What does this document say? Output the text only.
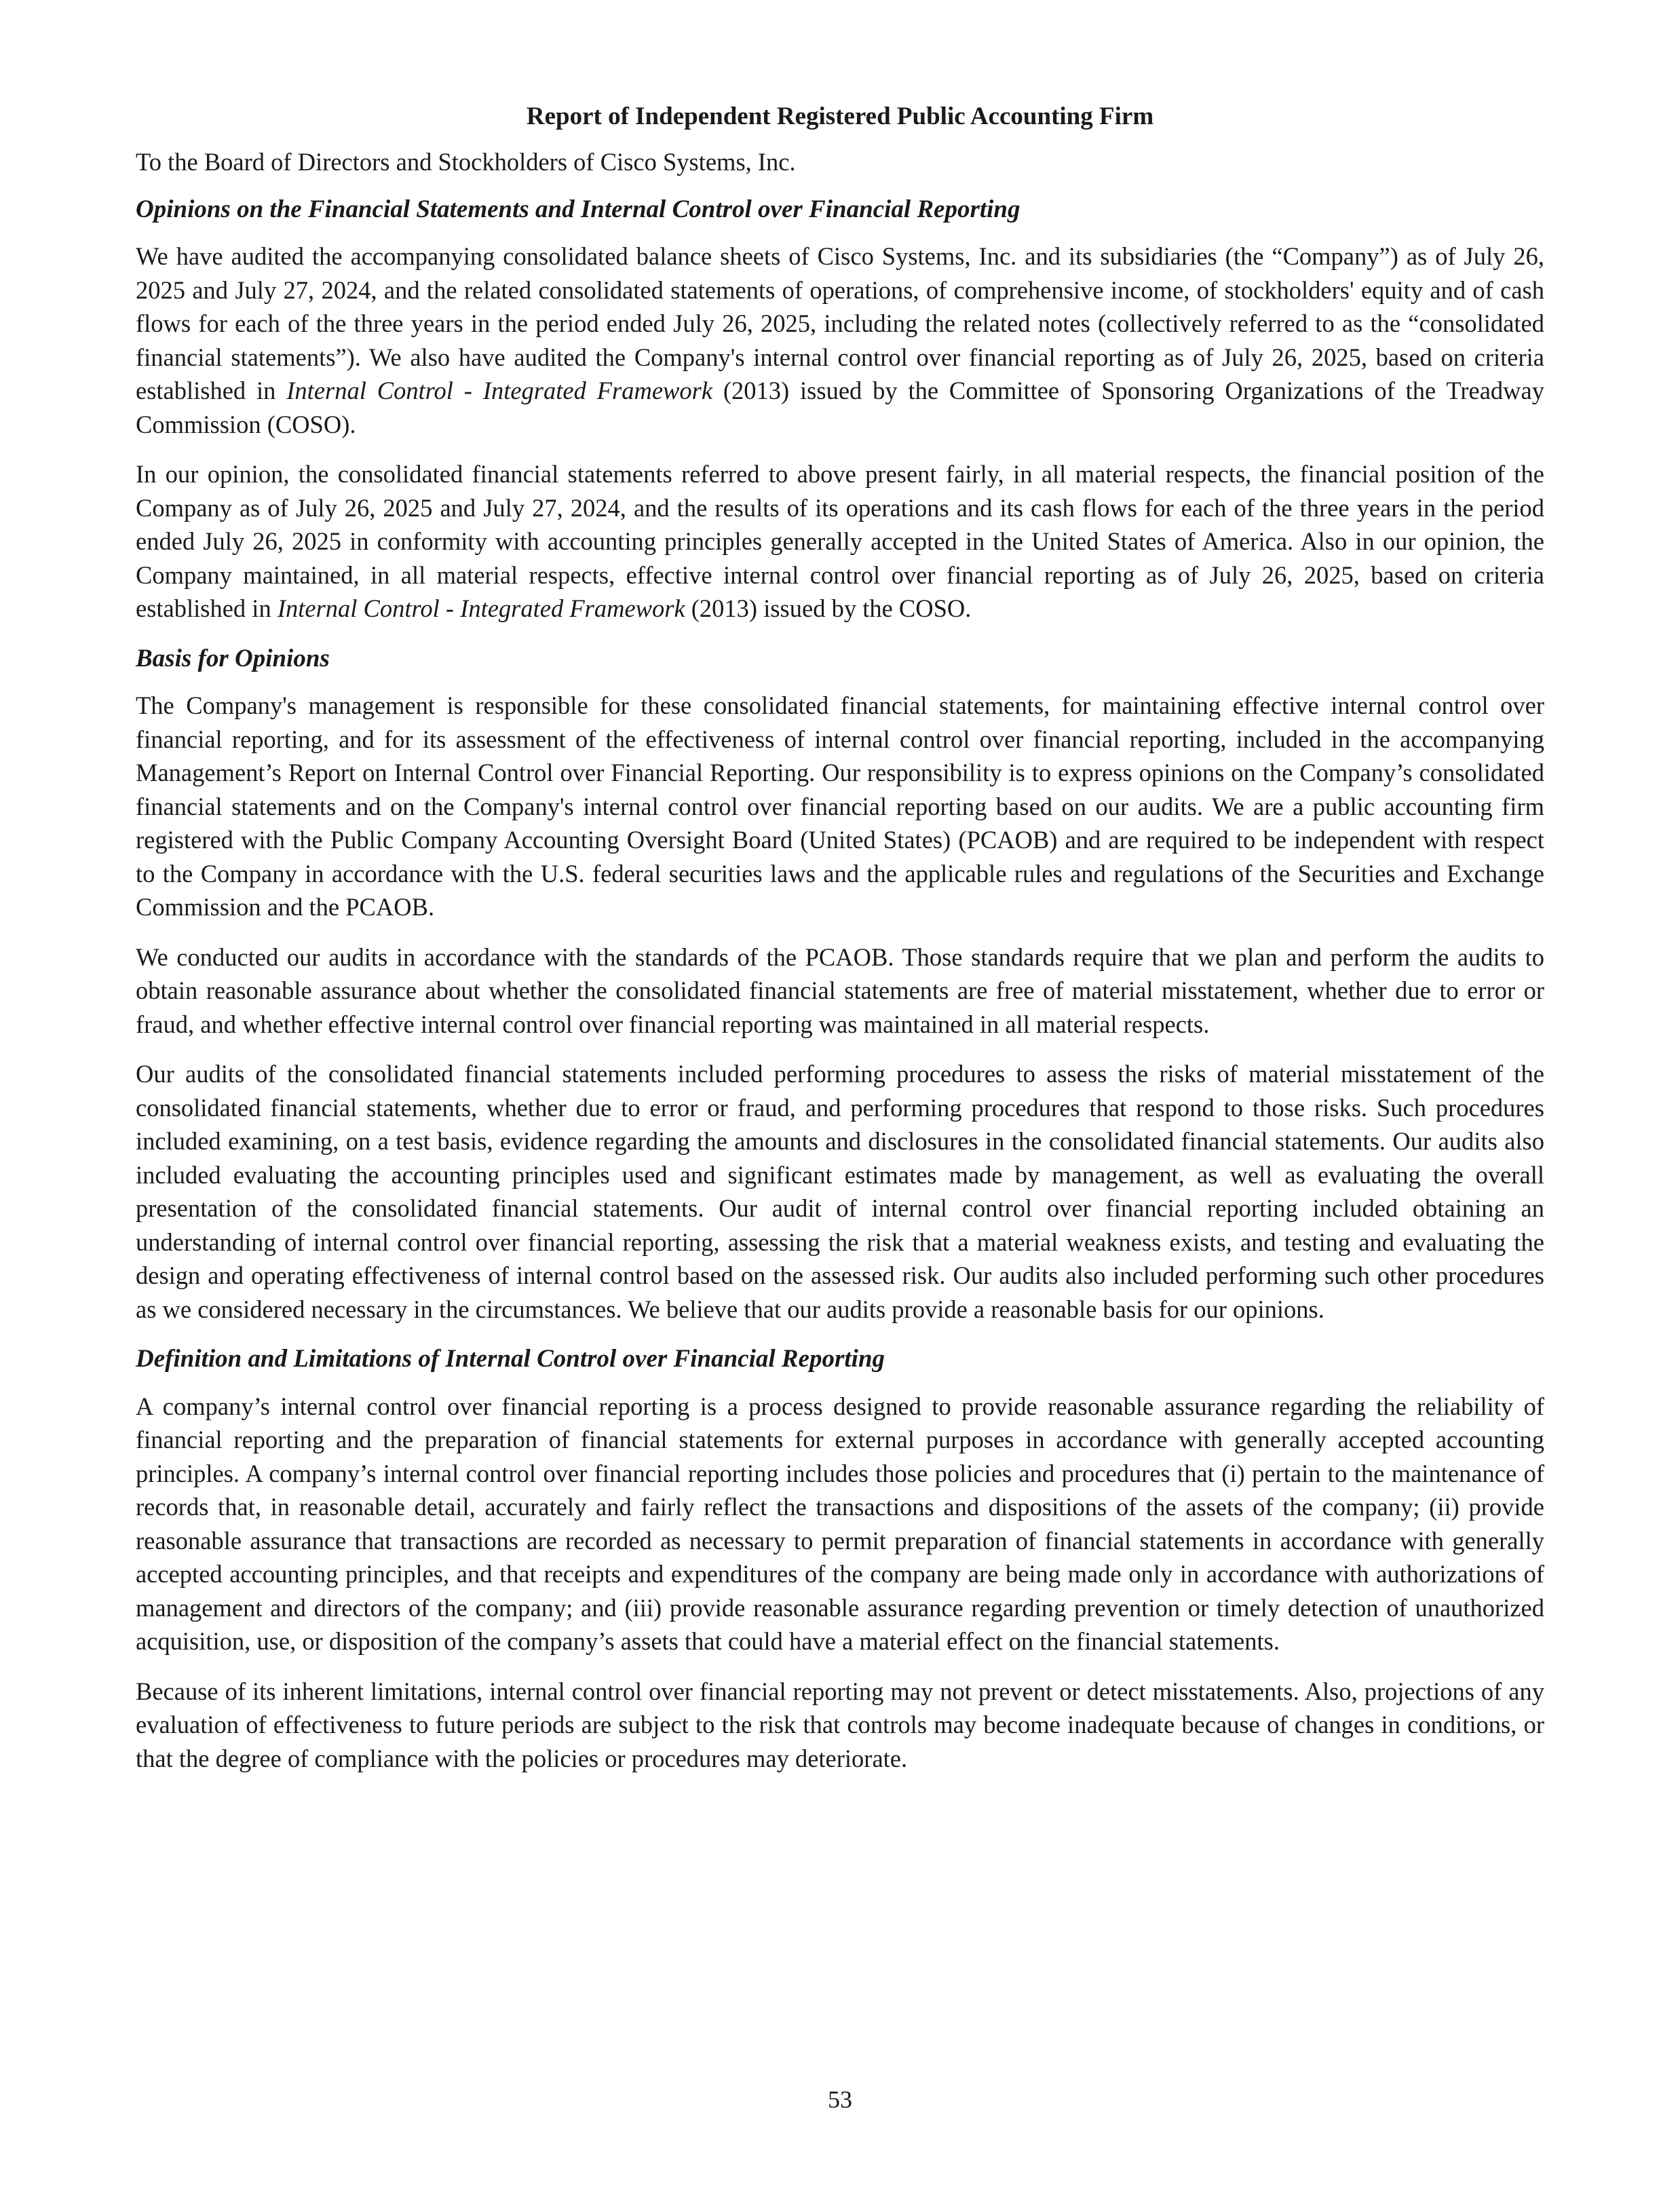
Report of Independent Registered Public Accounting Firm
To the Board of Directors and Stockholders of Cisco Systems, Inc.
Opinions on the Financial Statements and Internal Control over Financial Reporting

We have audited the accompanying consolidated balance sheets of Cisco Systems, Inc. and its subsidiaries (the “Company”) as of July 26, 2025 and July 27, 2024, and the related consolidated statements of operations, of comprehensive income, of stockholders' equity and of cash flows for each of the three years in the period ended July 26, 2025, including the related notes (collectively referred to as the “consolidated financial statements”). We also have audited the Company's internal control over financial reporting as of July 26, 2025, based on criteria established in Internal Control - Integrated Framework (2013) issued by the Committee of Sponsoring Organizations of the Treadway Commission (COSO).

In our opinion, the consolidated financial statements referred to above present fairly, in all material respects, the financial position of the Company as of July 26, 2025 and July 27, 2024, and the results of its operations and its cash flows for each of the three years in the period ended July 26, 2025 in conformity with accounting principles generally accepted in the United States of America. Also in our opinion, the Company maintained, in all material respects, effective internal control over financial reporting as of July 26, 2025, based on criteria established in Internal Control - Integrated Framework (2013) issued by the COSO.

Basis for Opinions

The Company's management is responsible for these consolidated financial statements, for maintaining effective internal control over financial reporting, and for its assessment of the effectiveness of internal control over financial reporting, included in the accompanying Management’s Report on Internal Control over Financial Reporting. Our responsibility is to express opinions on the Company’s consolidated financial statements and on the Company's internal control over financial reporting based on our audits. We are a public accounting firm registered with the Public Company Accounting Oversight Board (United States) (PCAOB) and are required to be independent with respect to the Company in accordance with the U.S. federal securities laws and the applicable rules and regulations of the Securities and Exchange Commission and the PCAOB.

We conducted our audits in accordance with the standards of the PCAOB. Those standards require that we plan and perform the audits to obtain reasonable assurance about whether the consolidated financial statements are free of material misstatement, whether due to error or fraud, and whether effective internal control over financial reporting was maintained in all material respects.

Our audits of the consolidated financial statements included performing procedures to assess the risks of material misstatement of the consolidated financial statements, whether due to error or fraud, and performing procedures that respond to those risks. Such procedures included examining, on a test basis, evidence regarding the amounts and disclosures in the consolidated financial statements. Our audits also included evaluating the accounting principles used and significant estimates made by management, as well as evaluating the overall presentation of the consolidated financial statements. Our audit of internal control over financial reporting included obtaining an understanding of internal control over financial reporting, assessing the risk that a material weakness exists, and testing and evaluating the design and operating effectiveness of internal control based on the assessed risk. Our audits also included performing such other procedures as we considered necessary in the circumstances. We believe that our audits provide a reasonable basis for our opinions.

Definition and Limitations of Internal Control over Financial Reporting

A company’s internal control over financial reporting is a process designed to provide reasonable assurance regarding the reliability of financial reporting and the preparation of financial statements for external purposes in accordance with generally accepted accounting principles. A company’s internal control over financial reporting includes those policies and procedures that (i) pertain to the maintenance of records that, in reasonable detail, accurately and fairly reflect the transactions and dispositions of the assets of the company; (ii) provide reasonable assurance that transactions are recorded as necessary to permit preparation of financial statements in accordance with generally accepted accounting principles, and that receipts and expenditures of the company are being made only in accordance with authorizations of management and directors of the company; and (iii) provide reasonable assurance regarding prevention or timely detection of unauthorized acquisition, use, or disposition of the company’s assets that could have a material effect on the financial statements.

Because of its inherent limitations, internal control over financial reporting may not prevent or detect misstatements. Also, projections of any evaluation of effectiveness to future periods are subject to the risk that controls may become inadequate because of changes in conditions, or that the degree of compliance with the policies or procedures may deteriorate.

53
